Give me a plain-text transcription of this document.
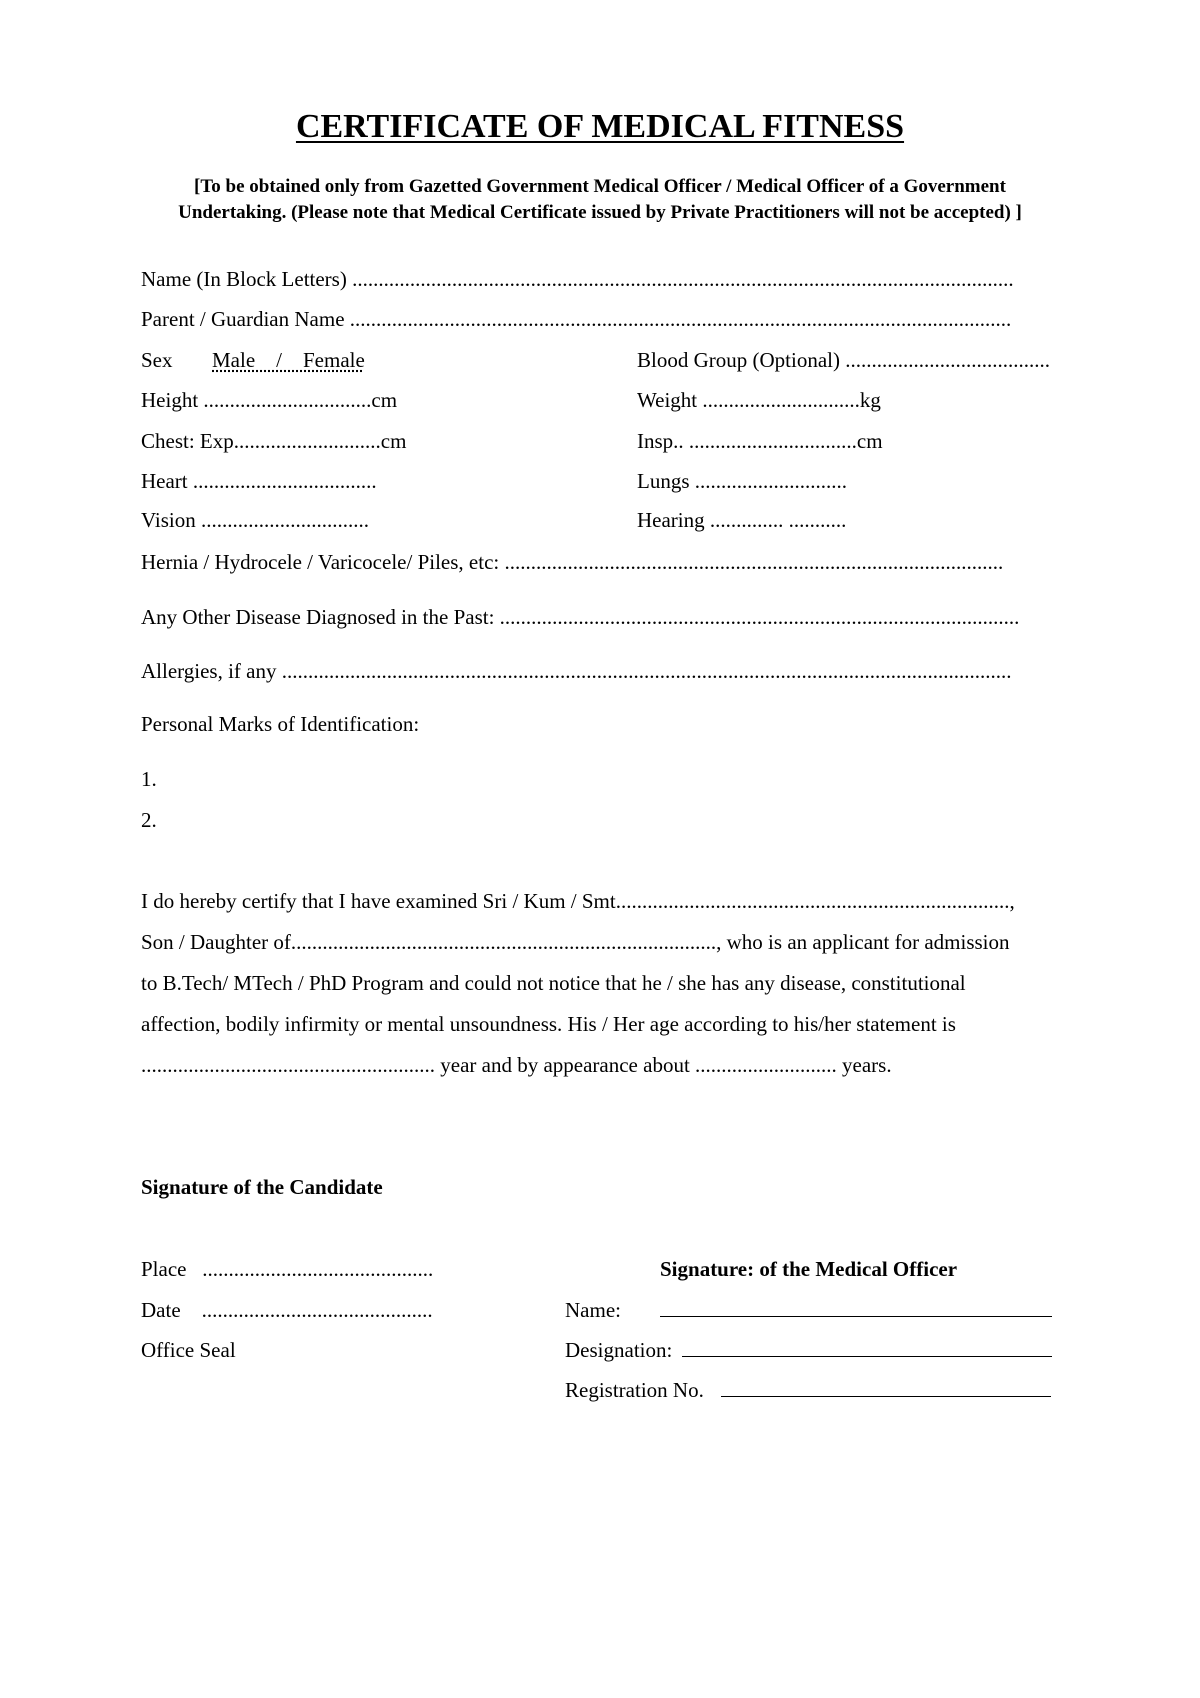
CERTIFICATE OF MEDICAL FITNESS
[To be obtained only from Gazetted Government Medical Officer / Medical Officer of a Government
Undertaking. (Please note that Medical Certificate issued by Private Practitioners will not be accepted) ]
Name (In Block Letters) ..............................................................................................................................
Parent / Guardian Name ..............................................................................................................................
Sex Male    /    Female	Blood Group (Optional) .......................................
Height ................................cm	Weight ..............................kg
Chest: Exp............................cm	Insp.. ................................cm
Heart ...................................	Lungs .............................
Vision ................................	Hearing .............. ...........
Hernia / Hydrocele / Varicocele/ Piles, etc: ...............................................................................................
Any Other Disease Diagnosed in the Past: ...................................................................................................
Allergies, if any ...........................................................................................................................................
Personal Marks of Identification:
1.
2.
I do hereby certify that I have examined Sri / Kum / Smt...........................................................................,
Son / Daughter of................................................................................., who is an applicant for admission
to B.Tech/ MTech / PhD Program and could not notice that he / she has any disease, constitutional
affection, bodily infirmity or mental unsoundness. His / Her age according to his/her statement is
........................................................ year and by appearance about ........................... years.
Signature of the Candidate
Place   ............................................
Date    ............................................
Office Seal
Signature: of the Medical Officer
Name:
Designation:
Registration No.
